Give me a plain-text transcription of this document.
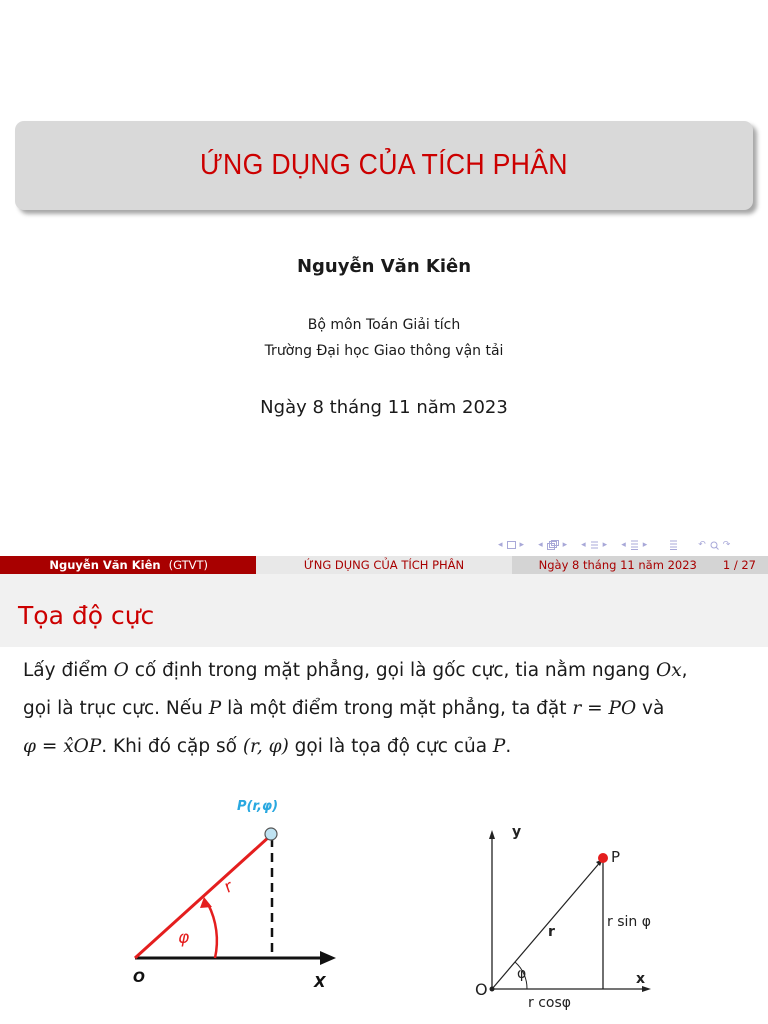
ỨNG DỤNG CỦA TÍCH PHÂN
Nguyễn Văn Kiên
Bộ môn Toán Giải tích
Trường Đại học Giao thông vận tải
Ngày 8 tháng 11 năm 2023
◂ ▸ ◂ ▸ ◂ ▸ ◂ ▸	↶ ↷
Nguyễn Văn Kiên (GTVT)	ỨNG DỤNG CỦA TÍCH PHÂN	Ngày 8 tháng 11 năm 2023 1 / 27
Tọa độ cực
Lấy điểm O cố định trong mặt phẳng, gọi là gốc cực, tia nằm ngang Ox,
gọi là trục cực. Nếu P là một điểm trong mặt phẳng, ta đặt r = PO và
φ = x̂OP. Khi đó cặp số (r, φ) gọi là tọa độ cực của P.
P(r,φ)
r
φ
O	X
y
x
O
P
r
φ
r sin φ
r cosφ
